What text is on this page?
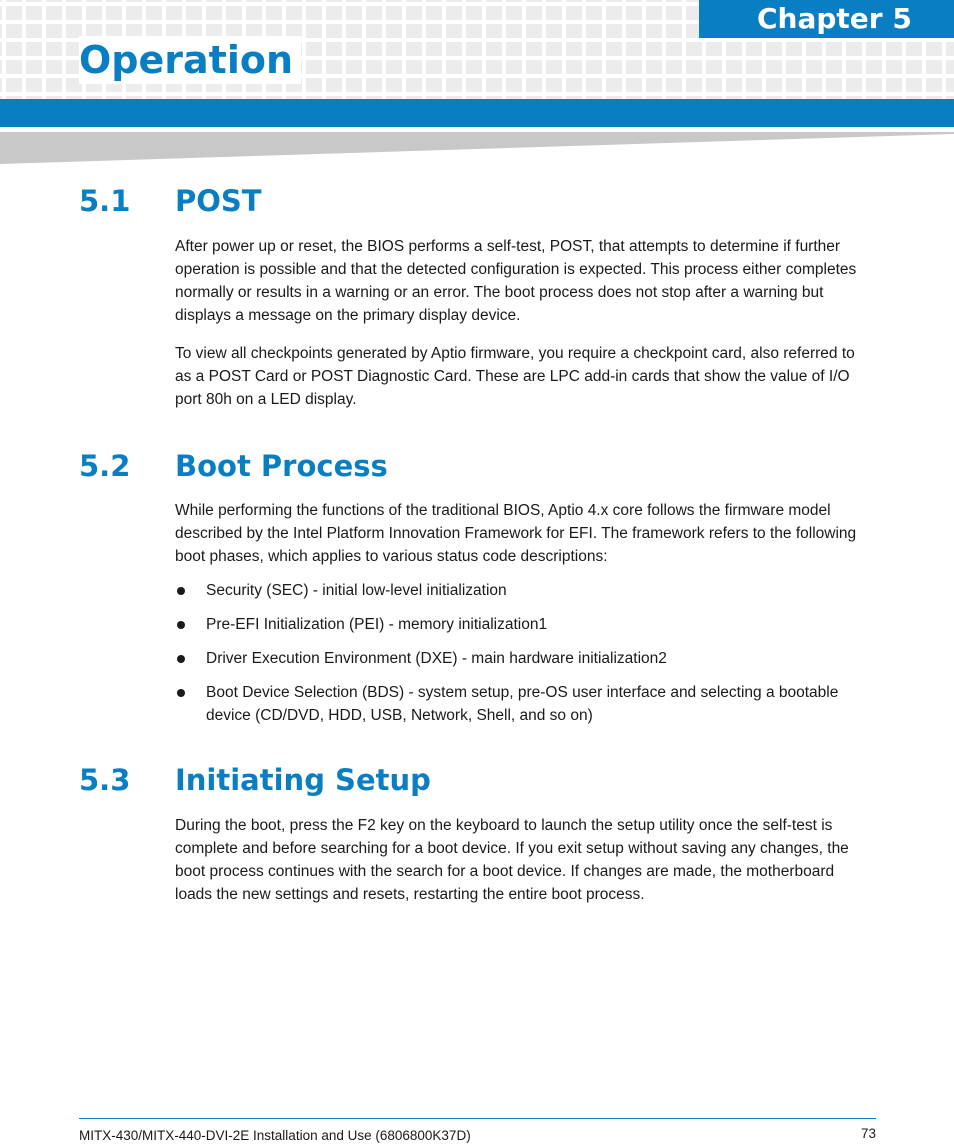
Chapter 5
Operation
5.1 POST

After power up or reset, the BIOS performs a self-test, POST, that attempts to determine if further operation is possible and that the detected configuration is expected. This process either completes normally or results in a warning or an error. The boot process does not stop after a warning but displays a message on the primary display device.

To view all checkpoints generated by Aptio firmware, you require a checkpoint card, also referred to as a POST Card or POST Diagnostic Card. These are LPC add-in cards that show the value of I/O port 80h on a LED display.

5.2 Boot Process

While performing the functions of the traditional BIOS, Aptio 4.x core follows the firmware model described by the Intel Platform Innovation Framework for EFI. The framework refers to the following boot phases, which applies to various status code descriptions:

Security (SEC) - initial low-level initialization
Pre-EFI Initialization (PEI) - memory initialization1
Driver Execution Environment (DXE) - main hardware initialization2
Boot Device Selection (BDS) - system setup, pre-OS user interface and selecting a bootable device (CD/DVD, HDD, USB, Network, Shell, and so on)
5.3 Initiating Setup

During the boot, press the F2 key on the keyboard to launch the setup utility once the self-test is complete and before searching for a boot device. If you exit setup without saving any changes, the boot process continues with the search for a boot device. If changes are made, the motherboard loads the new settings and resets, restarting the entire boot process.

MITX-430/MITX-440-DVI-2E Installation and Use (6806800K37D)	73
